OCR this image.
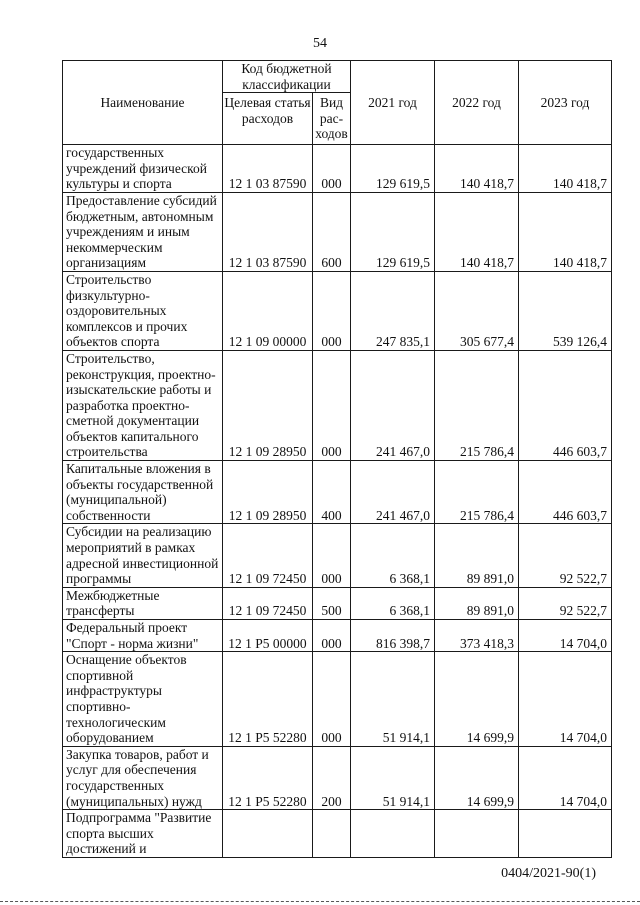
54
Наименование	Код бюджетной классификации		2021 год	2022 год	2023 год
	Целевая статья расходов	Вид рас-ходов			
государственных учреждений физической культуры и спорта	12 1 03 87590	000	129 619,5	140 418,7	140 418,7
Предоставление субсидий бюджетным, автономным учреждениям и иным некоммерческим организациям	12 1 03 87590	600	129 619,5	140 418,7	140 418,7
Строительство физкультурно-оздоровительных комплексов и прочих объектов спорта	12 1 09 00000	000	247 835,1	305 677,4	539 126,4
Строительство, реконструкция, проектно-изыскательские работы и разработка проектно-сметной документации объектов капитального строительства	12 1 09 28950	000	241 467,0	215 786,4	446 603,7
Капитальные вложения в объекты государственной (муниципальной) собственности	12 1 09 28950	400	241 467,0	215 786,4	446 603,7
Субсидии на реализацию мероприятий в рамках адресной инвестиционной программы	12 1 09 72450	000	6 368,1	89 891,0	92 522,7
Межбюджетные трансферты	12 1 09 72450	500	6 368,1	89 891,0	92 522,7
Федеральный проект "Спорт - норма жизни"	12 1 P5 00000	000	816 398,7	373 418,3	14 704,0
Оснащение объектов спортивной инфраструктуры спортивно-технологическим оборудованием	12 1 P5 52280	000	51 914,1	14 699,9	14 704,0
Закупка товаров, работ и услуг для обеспечения государственных (муниципальных) нужд	12 1 P5 52280	200	51 914,1	14 699,9	14 704,0
Подпрограмма "Развитие спорта высших достижений и					
0404/2021-90(1)
